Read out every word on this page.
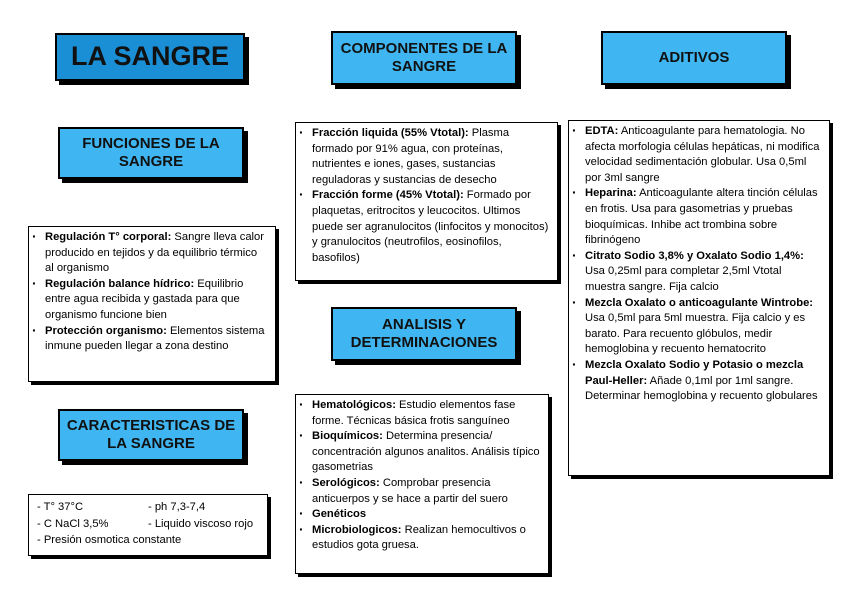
LA SANGRE
FUNCIONES DE LA SANGRE
CARACTERISTICAS DE LA SANGRE
COMPONENTES DE LA SANGRE
ANALISIS Y DETERMINACIONES
ADITIVOS
· Regulación T° corporal: Sangre lleva calor producido en tejidos y da equilibrio térmico al organismo
· Regulación balance hídrico: Equilibrio entre agua recibida y gastada para que organismo funcione bien
· Protección organismo: Elementos sistema inmune pueden llegar a zona destino
- T° 37°C	- ph 7,3-7,4
- C NaCl 3,5%	- Liquido viscoso rojo
- Presión osmotica constante
· Fracción liquida (55% Vtotal): Plasma formado por 91% agua, con proteínas, nutrientes e iones, gases, sustancias reguladoras y sustancias de desecho
· Fracción forme (45% Vtotal): Formado por plaquetas, eritrocitos y leucocitos. Ultimos puede ser agranulocitos (linfocitos y monocitos) y granulocitos (neutrofilos, eosinofilos, basofilos)
· Hematológicos: Estudio elementos fase forme. Técnicas básica frotis sanguíneo
· Bioquímicos: Determina presencia/ concentración algunos analitos. Análisis típico gasometrias
· Serológicos: Comprobar presencia anticuerpos y se hace a partir del suero
· Genéticos
· Microbiologicos: Realizan hemocultivos o estudios gota gruesa.
· EDTA: Anticoagulante para hematologia. No afecta morfologia células hepáticas, ni modifica velocidad sedimentación globular. Usa 0,5ml por 3ml sangre
· Heparina: Anticoagulante altera tinción células en frotis. Usa para gasometrias y pruebas bioquímicas. Inhibe act trombina sobre fibrinógeno
· Citrato Sodio 3,8% y Oxalato Sodio 1,4%: Usa 0,25ml para completar 2,5ml Vtotal muestra sangre. Fija calcio
· Mezcla Oxalato o anticoagulante Wintrobe: Usa 0,5ml para 5ml muestra. Fija calcio y es barato. Para recuento glóbulos, medir hemoglobina y recuento hematocrito
· Mezcla Oxalato Sodio y Potasio o mezcla Paul-Heller: Añade 0,1ml por 1ml sangre. Determinar hemoglobina y recuento globulares
